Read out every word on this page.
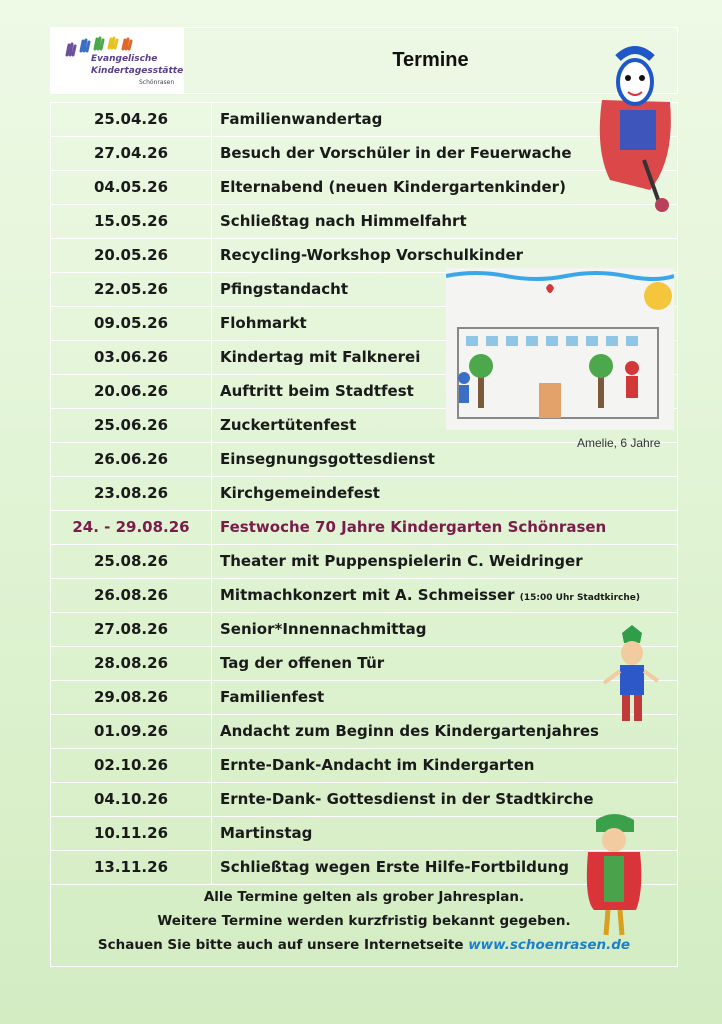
Evangelische
Kindertagesstätte
Schönrasen
Termine
Alle Termine gelten als grober Jahresplan.
Weitere Termine werden kurzfristig bekannt gegeben.
Schauen Sie bitte auch auf unsere Internetseite www.schoenrasen.de
25.04.26	Familienwandertag
27.04.26	Besuch der Vorschüler in der Feuerwache
04.05.26	Elternabend (neuen Kindergartenkinder)
15.05.26	Schließtag nach Himmelfahrt
20.05.26	Recycling-Workshop Vorschulkinder
22.05.26	Pfingstandacht
09.05.26	Flohmarkt
03.06.26	Kindertag mit Falknerei
20.06.26	Auftritt beim Stadtfest
25.06.26	Zuckertütenfest
26.06.26	Einsegnungsgottesdienst
23.08.26	Kirchgemeindefest
24. - 29.08.26	Festwoche 70 Jahre Kindergarten Schönrasen
25.08.26	Theater mit Puppenspielerin C. Weidringer
26.08.26	Mitmachkonzert mit A. Schmeisser (15:00 Uhr Stadtkirche)
27.08.26	Senior*Innennachmittag
28.08.26	Tag der offenen Tür
29.08.26	Familienfest
01.09.26	Andacht zum Beginn des Kindergartenjahres
02.10.26	Ernte-Dank-Andacht im Kindergarten
04.10.26	Ernte-Dank- Gottesdienst in der Stadtkirche
10.11.26	Martinstag
13.11.26	Schließtag wegen Erste Hilfe-Fortbildung
Amelie, 6 Jahre
